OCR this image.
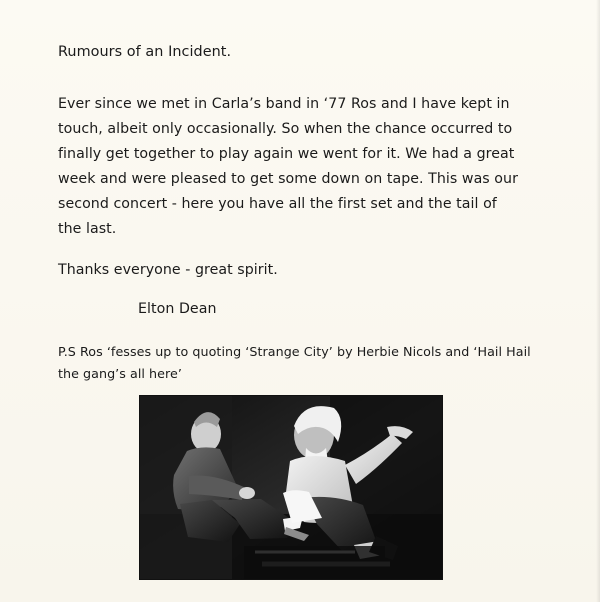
Rumours of an Incident.
Ever since we met in Carla’s band in ‘77 Ros and I have kept in
touch, albeit only occasionally. So when the chance occurred to
finally get together to play again we went for it. We had a great
week and were pleased to get some down on tape. This was our
second concert - here you have all the first set and the tail of
the last.
Thanks everyone - great spirit.
Elton Dean
P.S Ros ‘fesses up to quoting ‘Strange City’ by Herbie Nicols and ‘Hail Hail
the gang’s all here’
